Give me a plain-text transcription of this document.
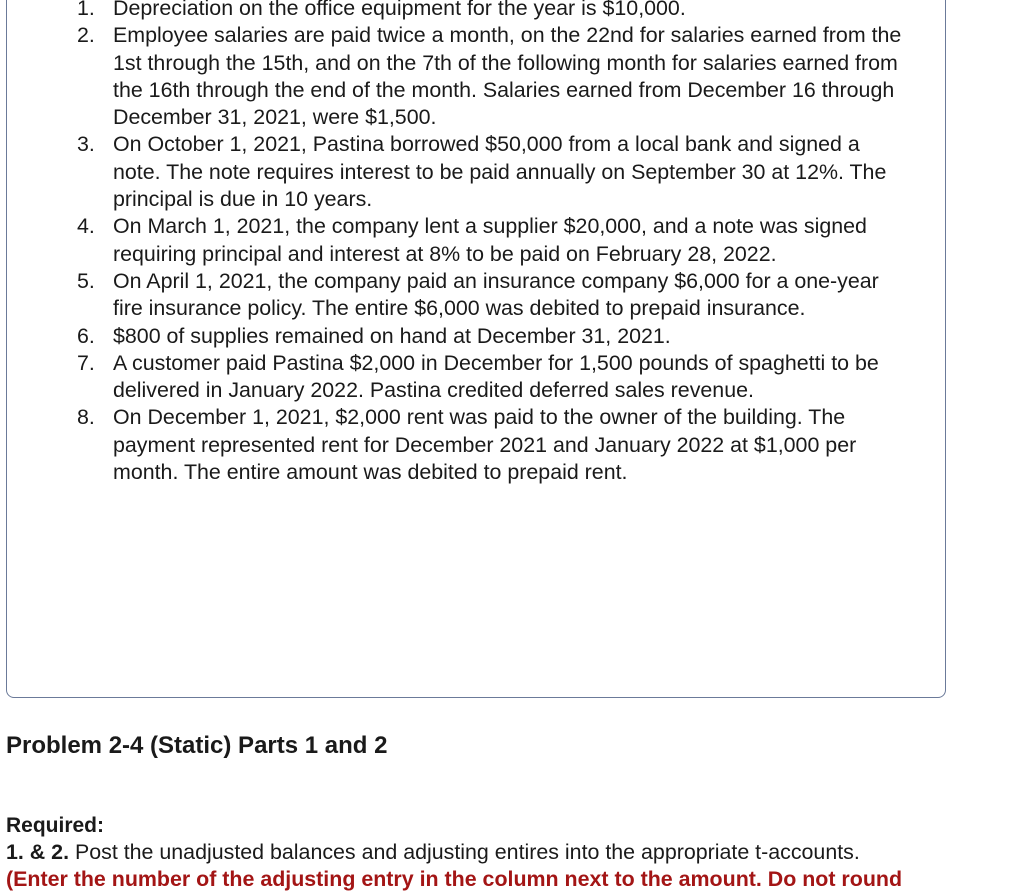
1. Depreciation on the office equipment for the year is $10,000.
2. Employee salaries are paid twice a month, on the 22nd for salaries earned from the 1st through the 15th, and on the 7th of the following month for salaries earned from the 16th through the end of the month. Salaries earned from December 16 through December 31, 2021, were $1,500.
3. On October 1, 2021, Pastina borrowed $50,000 from a local bank and signed a note. The note requires interest to be paid annually on September 30 at 12%. The principal is due in 10 years.
4. On March 1, 2021, the company lent a supplier $20,000, and a note was signed requiring principal and interest at 8% to be paid on February 28, 2022.
5. On April 1, 2021, the company paid an insurance company $6,000 for a one-year fire insurance policy. The entire $6,000 was debited to prepaid insurance.
6. $800 of supplies remained on hand at December 31, 2021.
7. A customer paid Pastina $2,000 in December for 1,500 pounds of spaghetti to be delivered in January 2022. Pastina credited deferred sales revenue.
8. On December 1, 2021, $2,000 rent was paid to the owner of the building. The payment represented rent for December 2021 and January 2022 at $1,000 per month. The entire amount was debited to prepaid rent.
Problem 2-4 (Static) Parts 1 and 2

Required:

1. & 2. Post the unadjusted balances and adjusting entires into the appropriate t-accounts.

(Enter the number of the adjusting entry in the column next to the amount. Do not round
